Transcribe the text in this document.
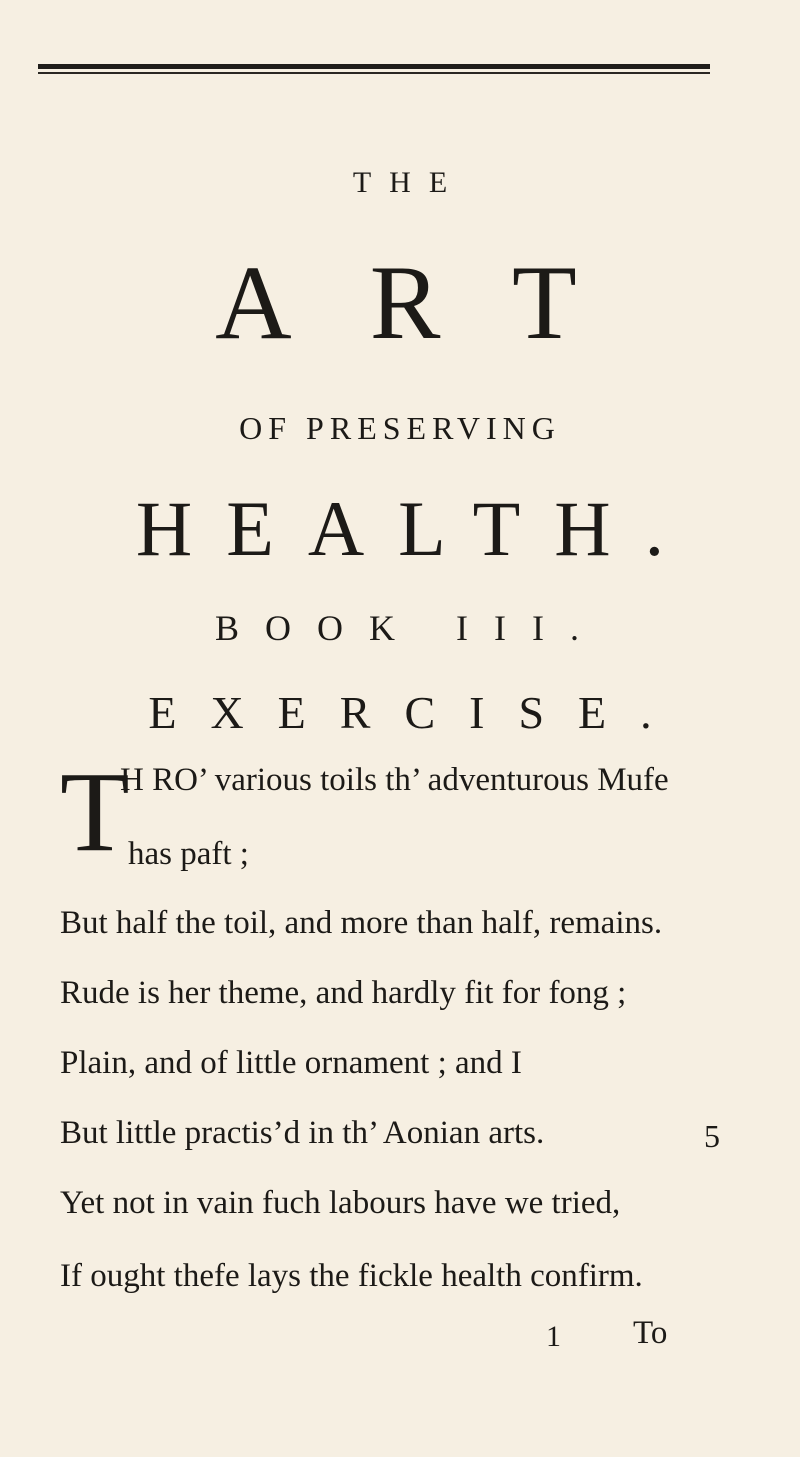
THE
ART
OF PRESERVING
HEALTH.
BOOK III.
EXERCISE.
T
H RO’ various toils th’ adventurous Mufe
has paft ;
But half the toil, and more than half, remains.
Rude is her theme, and hardly fit for fong ;
Plain, and of little ornament ; and I
But little practis’d in th’ Aonian arts.	5
Yet not in vain fuch labours have we tried,
If ought thefe lays the fickle health confirm.
1 To
